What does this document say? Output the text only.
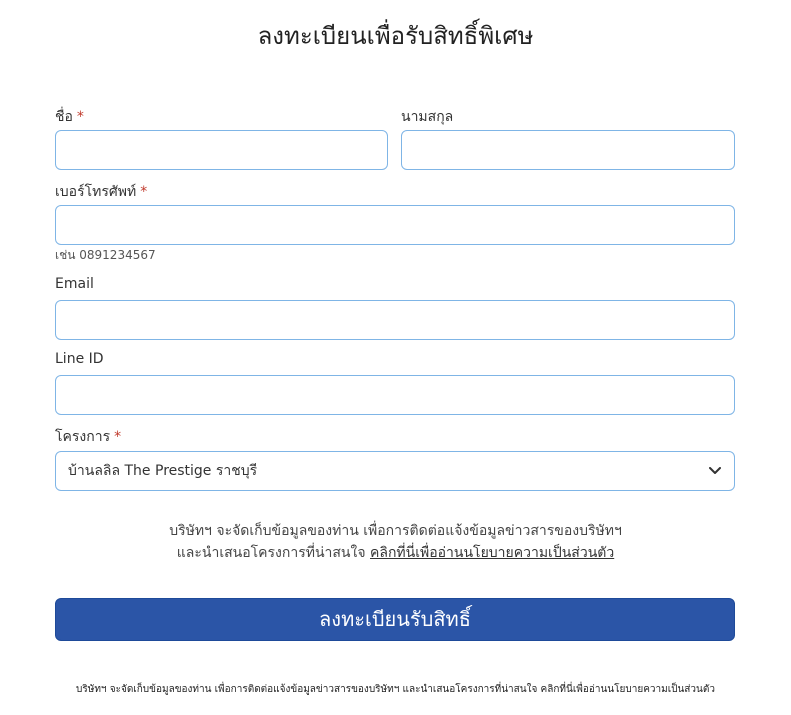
ลงทะเบียนเพื่อรับสิทธิ์พิเศษ
ชื่อ *	นามสกุล
เบอร์โทรศัพท์ *
เช่น 0891234567
Email
Line ID
โครงการ *
บ้านลลิล The Prestige ราชบุรี
บริษัทฯ จะจัดเก็บข้อมูลของท่าน เพื่อการติดต่อแจ้งข้อมูลข่าวสารของบริษัทฯ
และนำเสนอโครงการที่น่าสนใจ คลิกที่นี่เพื่ออ่านนโยบายความเป็นส่วนตัว
ลงทะเบียนรับสิทธิ์
บริษัทฯ จะจัดเก็บข้อมูลของท่าน เพื่อการติดต่อแจ้งข้อมูลข่าวสารของบริษัทฯ และนำเสนอโครงการที่น่าสนใจ คลิกที่นี่เพื่ออ่านนโยบายความเป็นส่วนตัว
